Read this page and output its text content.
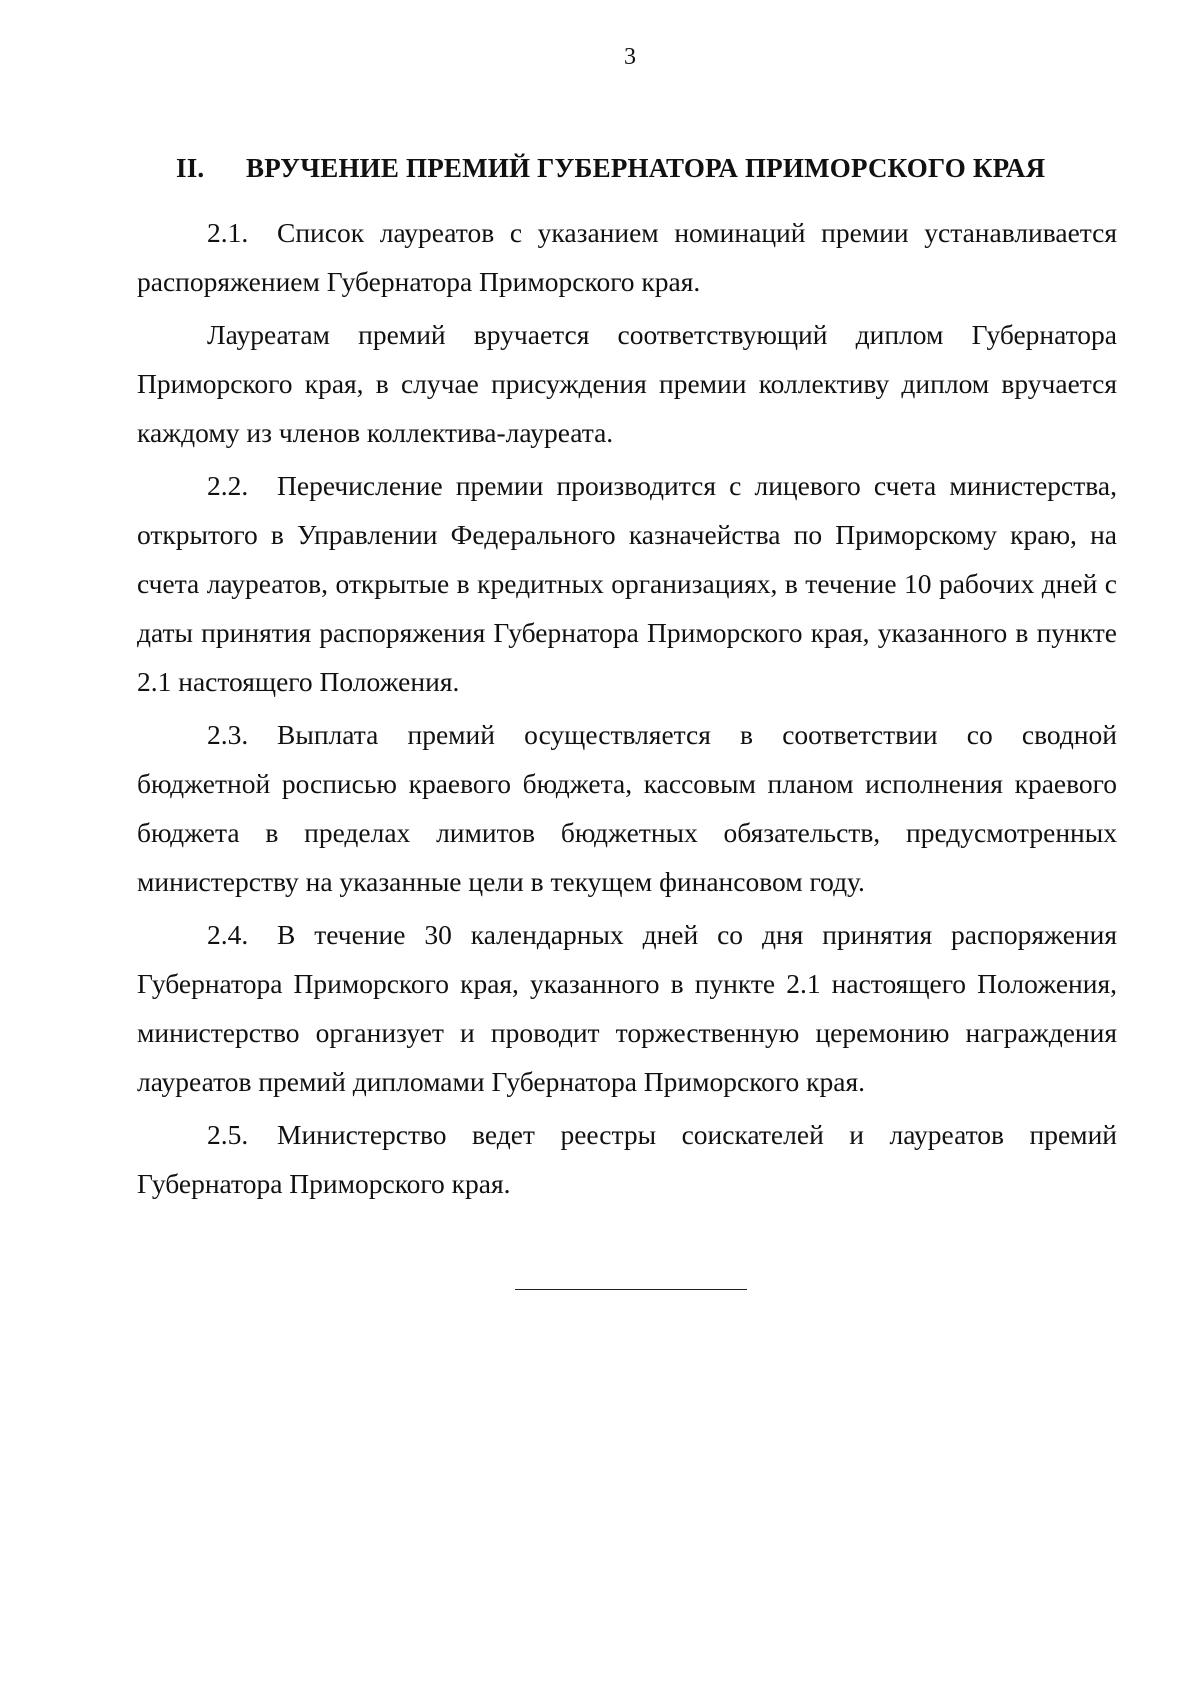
3
II. ВРУЧЕНИЕ ПРЕМИЙ ГУБЕРНАТОРА ПРИМОРСКОГО КРАЯ

2.1. Список лауреатов с указанием номинаций премии устанавливается распоряжением Губернатора Приморского края.

Лауреатам премий вручается соответствующий диплом Губернатора Приморского края, в случае присуждения премии коллективу диплом вручается каждому из членов коллектива-лауреата.

2.2. Перечисление премии производится с лицевого счета министерства, открытого в Управлении Федерального казначейства по Приморскому краю, на счета лауреатов, открытые в кредитных организациях, в течение 10 рабочих дней с даты принятия распоряжения Губернатора Приморского края, указанного в пункте 2.1 настоящего Положения.

2.3. Выплата премий осуществляется в соответствии со сводной бюджетной росписью краевого бюджета, кассовым планом исполнения краевого бюджета в пределах лимитов бюджетных обязательств, предусмотренных министерству на указанные цели в текущем финансовом году.

2.4. В течение 30 календарных дней со дня принятия распоряжения Губернатора Приморского края, указанного в пункте 2.1 настоящего Положения, министерство организует и проводит торжественную церемонию награждения лауреатов премий дипломами Губернатора Приморского края.

2.5. Министерство ведет реестры соискателей и лауреатов премий Губернатора Приморского края.
